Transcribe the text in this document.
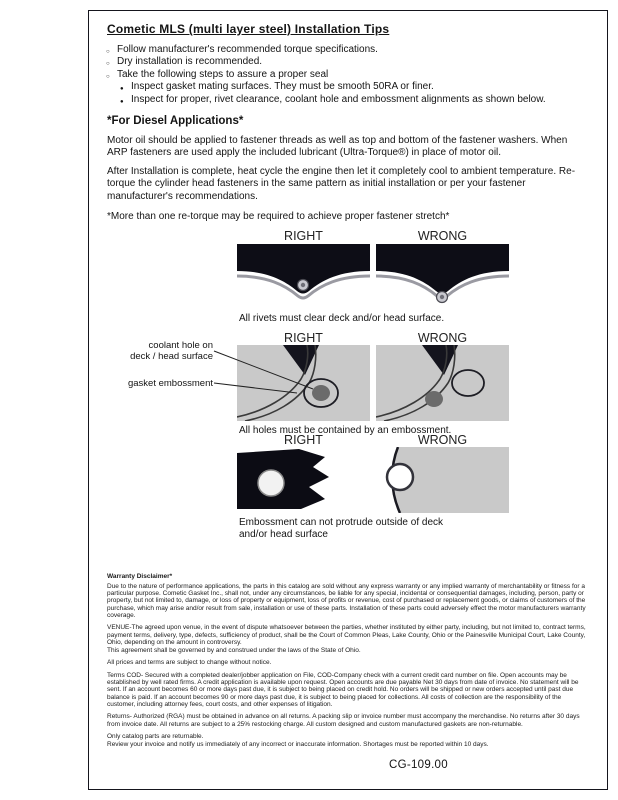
Cometic MLS (multi layer steel) Installation Tips
○ Follow manufacturer's recommended torque specifications.
○ Dry installation is recommended.
○ Take the following steps to assure a proper seal
● Inspect gasket mating surfaces. They must be smooth 50RA or finer.
● Inspect for proper, rivet clearance, coolant hole and embossment alignments as shown below.
*For Diesel Applications*

Motor oil should be applied to fastener threads as well as top and bottom of the fastener washers. When ARP fasteners are used apply the included lubricant (Ultra-Torque®) in place of motor oil.

After Installation is complete, heat cycle the engine then let it completely cool to ambient temperature. Re-torque the cylinder head fasteners in the same pattern as initial installation or per your fastener manufacturer's recommendations.

*More than one re-torque may be required to achieve proper fastener stretch*
RIGHT	WRONG
All rivets must clear deck and/or head surface.
RIGHT	WRONG
coolant hole on
deck / head surface
gasket embossment
All holes must be contained by an embossment.
RIGHT	WRONG
Embossment can not protrude outside of deck and/or head surface
Warranty Disclaimer*

Due to the nature of performance applications, the parts in this catalog are sold without any express warranty or any implied warranty of merchantability or fitness for a particular purpose. Cometic Gasket Inc., shall not, under any circumstances, be liable for any special, incidental or consequential damages, including, person, party or property, but not limited to, damage, or loss of property or equipment, loss of profits or revenue, cost of purchased or replacement goods, or claims of customers of the purchase, which may arise and/or result from sale, installation or use of these parts. Installation of these parts could adversely effect the motor manufacturers warranty coverage.

VENUE-The agreed upon venue, in the event of dispute whatsoever between the parties, whether instituted by either party, including, but not limited to, contract terms, payment terms, delivery, type, defects, sufficiency of product, shall be the Court of Common Pleas, Lake County, Ohio or the Painesville Municipal Court, Lake County, Ohio, depending on the amount in controversy.

This agreement shall be governed by and construed under the laws of the State of Ohio.

All prices and terms are subject to change without notice.

Terms COD- Secured with a completed dealer/jobber application on File, COD-Company check with a current credit card number on file. Open accounts may be established by well rated firms. A credit application is available upon request. Open accounts are due payable Net 30 days from date of invoice. No statement will be sent. If an account becomes 60 or more days past due, it is subject to being placed on credit hold. No orders will be shipped or new orders accepted until past due balance is paid. If an account becomes 90 or more days past due, it is subject to being placed for collections. All costs of collection are the responsibility of the customer, including attorney fees, court costs, and other expenses of litigation.

Returns- Authorized (RGA) must be obtained in advance on all returns. A packing slip or invoice number must accompany the merchandise. No returns after 30 days from invoice date. All returns are subject to a 25% restocking charge. All custom designed and custom manufactured gaskets are non-returnable.

Only catalog parts are returnable.

Review your invoice and notify us immediately of any incorrect or inaccurate information. Shortages must be reported within 10 days.

CG-109.00
